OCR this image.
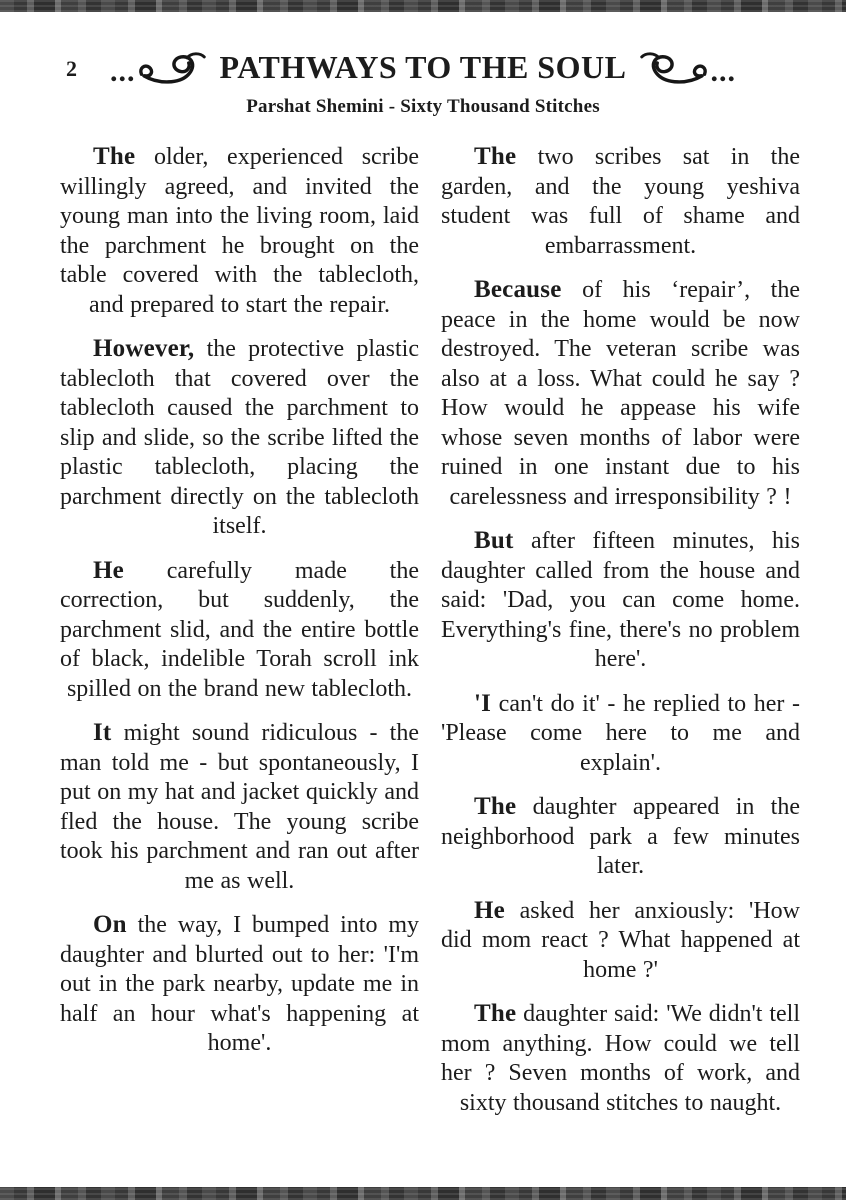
2 ...	PATHWAYS TO THE SOUL	...
Parshat Shemini - Sixty Thousand Stitches

The older, experienced scribe willingly agreed, and invited the young man into the living room, laid the parchment he brought on the table covered with the tablecloth, and prepared to start the repair.

However, the protective plastic tablecloth that covered over the tablecloth caused the parchment to slip and slide, so the scribe lifted the plastic tablecloth, placing the parchment directly on the tablecloth itself.

He carefully made the correction, but suddenly, the parchment slid, and the entire bottle of black, indelible Torah scroll ink spilled on the brand new tablecloth.

It might sound ridiculous - the man told me - but spontaneously, I put on my hat and jacket quickly and fled the house. The young scribe took his parchment and ran out after me as well.

On the way, I bumped into my daughter and blurted out to her: 'I'm out in the park nearby, update me in half an hour what's happening at home'.

The two scribes sat in the garden, and the young yeshiva student was full of shame and embarrassment.

Because of his ‘repair’, the peace in the home would be now destroyed. The veteran scribe was also at a loss. What could he say ? How would he appease his wife whose seven months of labor were ruined in one instant due to his carelessness and irresponsibility ? !

But after fifteen minutes, his daughter called from the house and said: 'Dad, you can come home. Everything's fine, there's no problem here'.

'I can't do it' - he replied to her - 'Please come here to me and explain'.

The daughter appeared in the neighborhood park a few minutes later.

He asked her anxiously: 'How did mom react ? What happened at home ?'

The daughter said: 'We didn't tell mom anything. How could we tell her ? Seven months of work, and sixty thousand stitches to naught.
